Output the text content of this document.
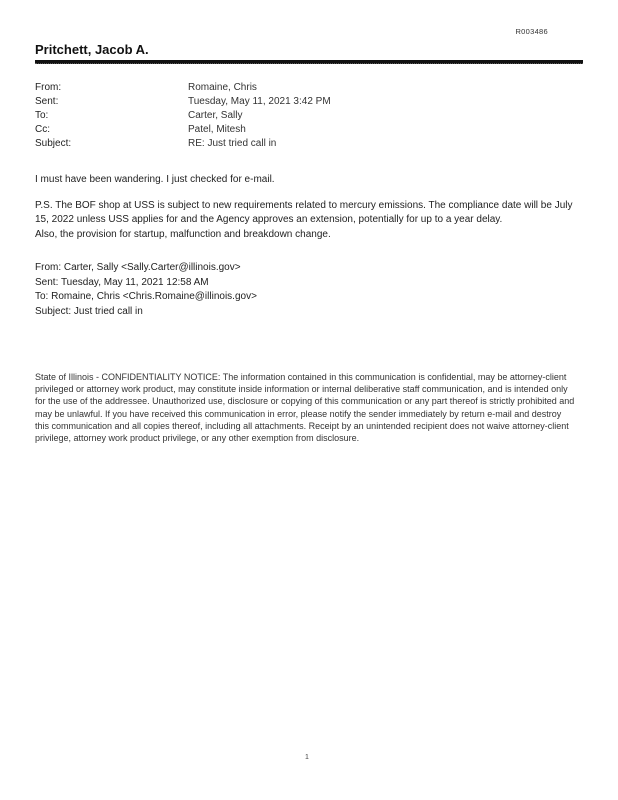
R003486
Pritchett, Jacob A.
From:	Romaine, Chris
Sent:	Tuesday, May 11, 2021 3:42 PM
To:	Carter, Sally
Cc:	Patel, Mitesh
Subject:	RE: Just tried call in
I must have been wandering. I just checked for e-mail.

P.S. The BOF shop at USS is subject to new requirements related to mercury emissions. The compliance date will be July

15, 2022 unless USS applies for and the Agency approves an extension, potentially for up to a year delay.

Also, the provision for startup, malfunction and breakdown change.

From: Carter, Sally <Sally.Carter@illinois.gov>
Sent: Tuesday, May 11, 2021 12:58 AM
To: Romaine, Chris <Chris.Romaine@illinois.gov>
Subject: Just tried call in
State of Illinois - CONFIDENTIALITY NOTICE: The information contained in this communication is confidential, may be attorney-client privileged or attorney work product, may constitute inside information or internal deliberative staff communication, and is intended only for the use of the addressee. Unauthorized use, disclosure or copying of this communication or any part thereof is strictly prohibited and may be unlawful. If you have received this communication in error, please notify the sender immediately by return e-mail and destroy this communication and all copies thereof, including all attachments. Receipt by an unintended recipient does not waive attorney-client privilege, attorney work product privilege, or any other exemption from disclosure.
1
